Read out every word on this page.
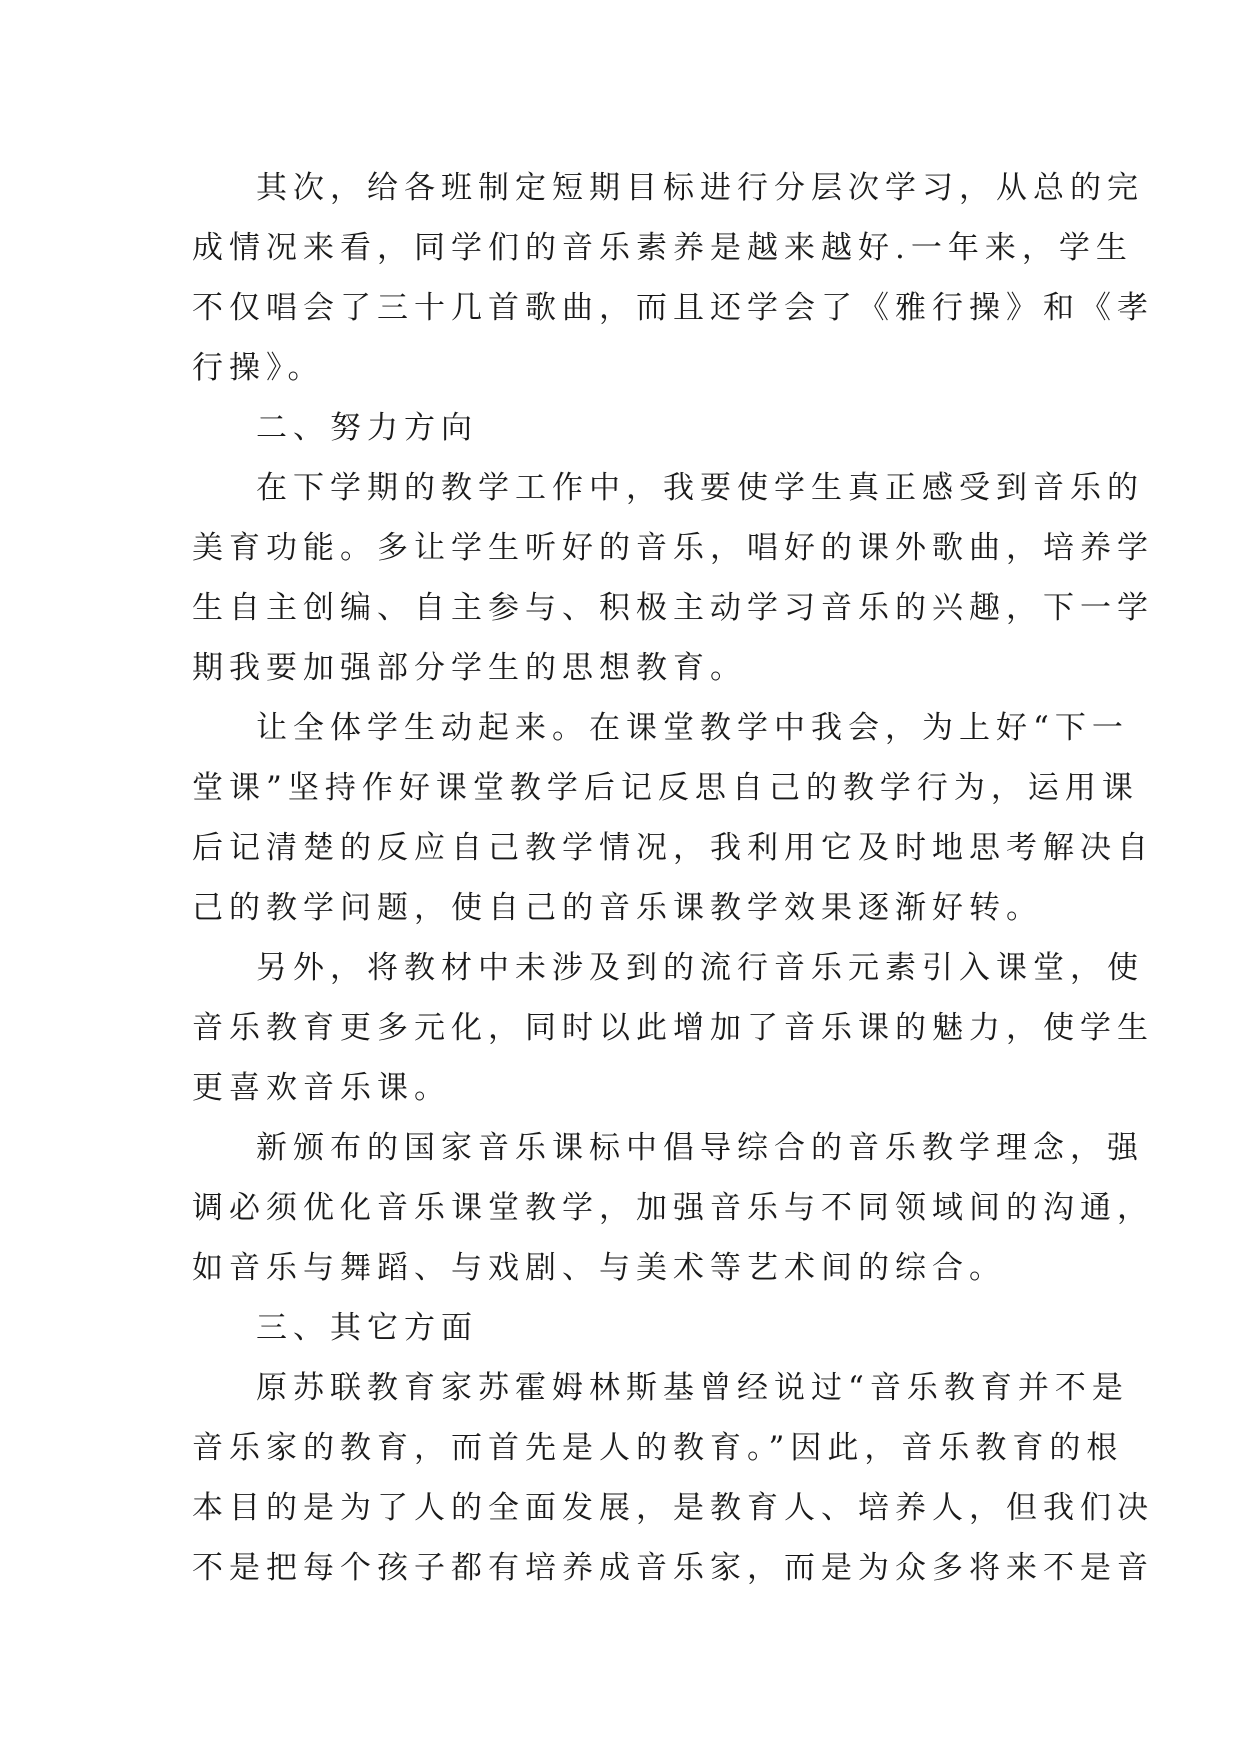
其次，给各班制定短期目标进行分层次学习，从总的完
成情况来看，同学们的音乐素养是越来越好.一年来，学生
不仅唱会了三十几首歌曲，而且还学会了《雅行操》和《孝
行操》。
二、努力方向
在下学期的教学工作中，我要使学生真正感受到音乐的
美育功能。多让学生听好的音乐，唱好的课外歌曲，培养学
生自主创编、自主参与、积极主动学习音乐的兴趣，下一学
期我要加强部分学生的思想教育。
让全体学生动起来。在课堂教学中我会，为上好“下一
堂课”坚持作好课堂教学后记反思自己的教学行为，运用课
后记清楚的反应自己教学情况，我利用它及时地思考解决自
己的教学问题，使自己的音乐课教学效果逐渐好转。
另外，将教材中未涉及到的流行音乐元素引入课堂，使
音乐教育更多元化，同时以此增加了音乐课的魅力，使学生
更喜欢音乐课。
新颁布的国家音乐课标中倡导综合的音乐教学理念，强
调必须优化音乐课堂教学，加强音乐与不同领域间的沟通，
如音乐与舞蹈、与戏剧、与美术等艺术间的综合。
三、其它方面
原苏联教育家苏霍姆林斯基曾经说过“音乐教育并不是
音乐家的教育，而首先是人的教育。”因此，音乐教育的根
本目的是为了人的全面发展，是教育人、培养人，但我们决
不是把每个孩子都有培养成音乐家，而是为众多将来不是音
